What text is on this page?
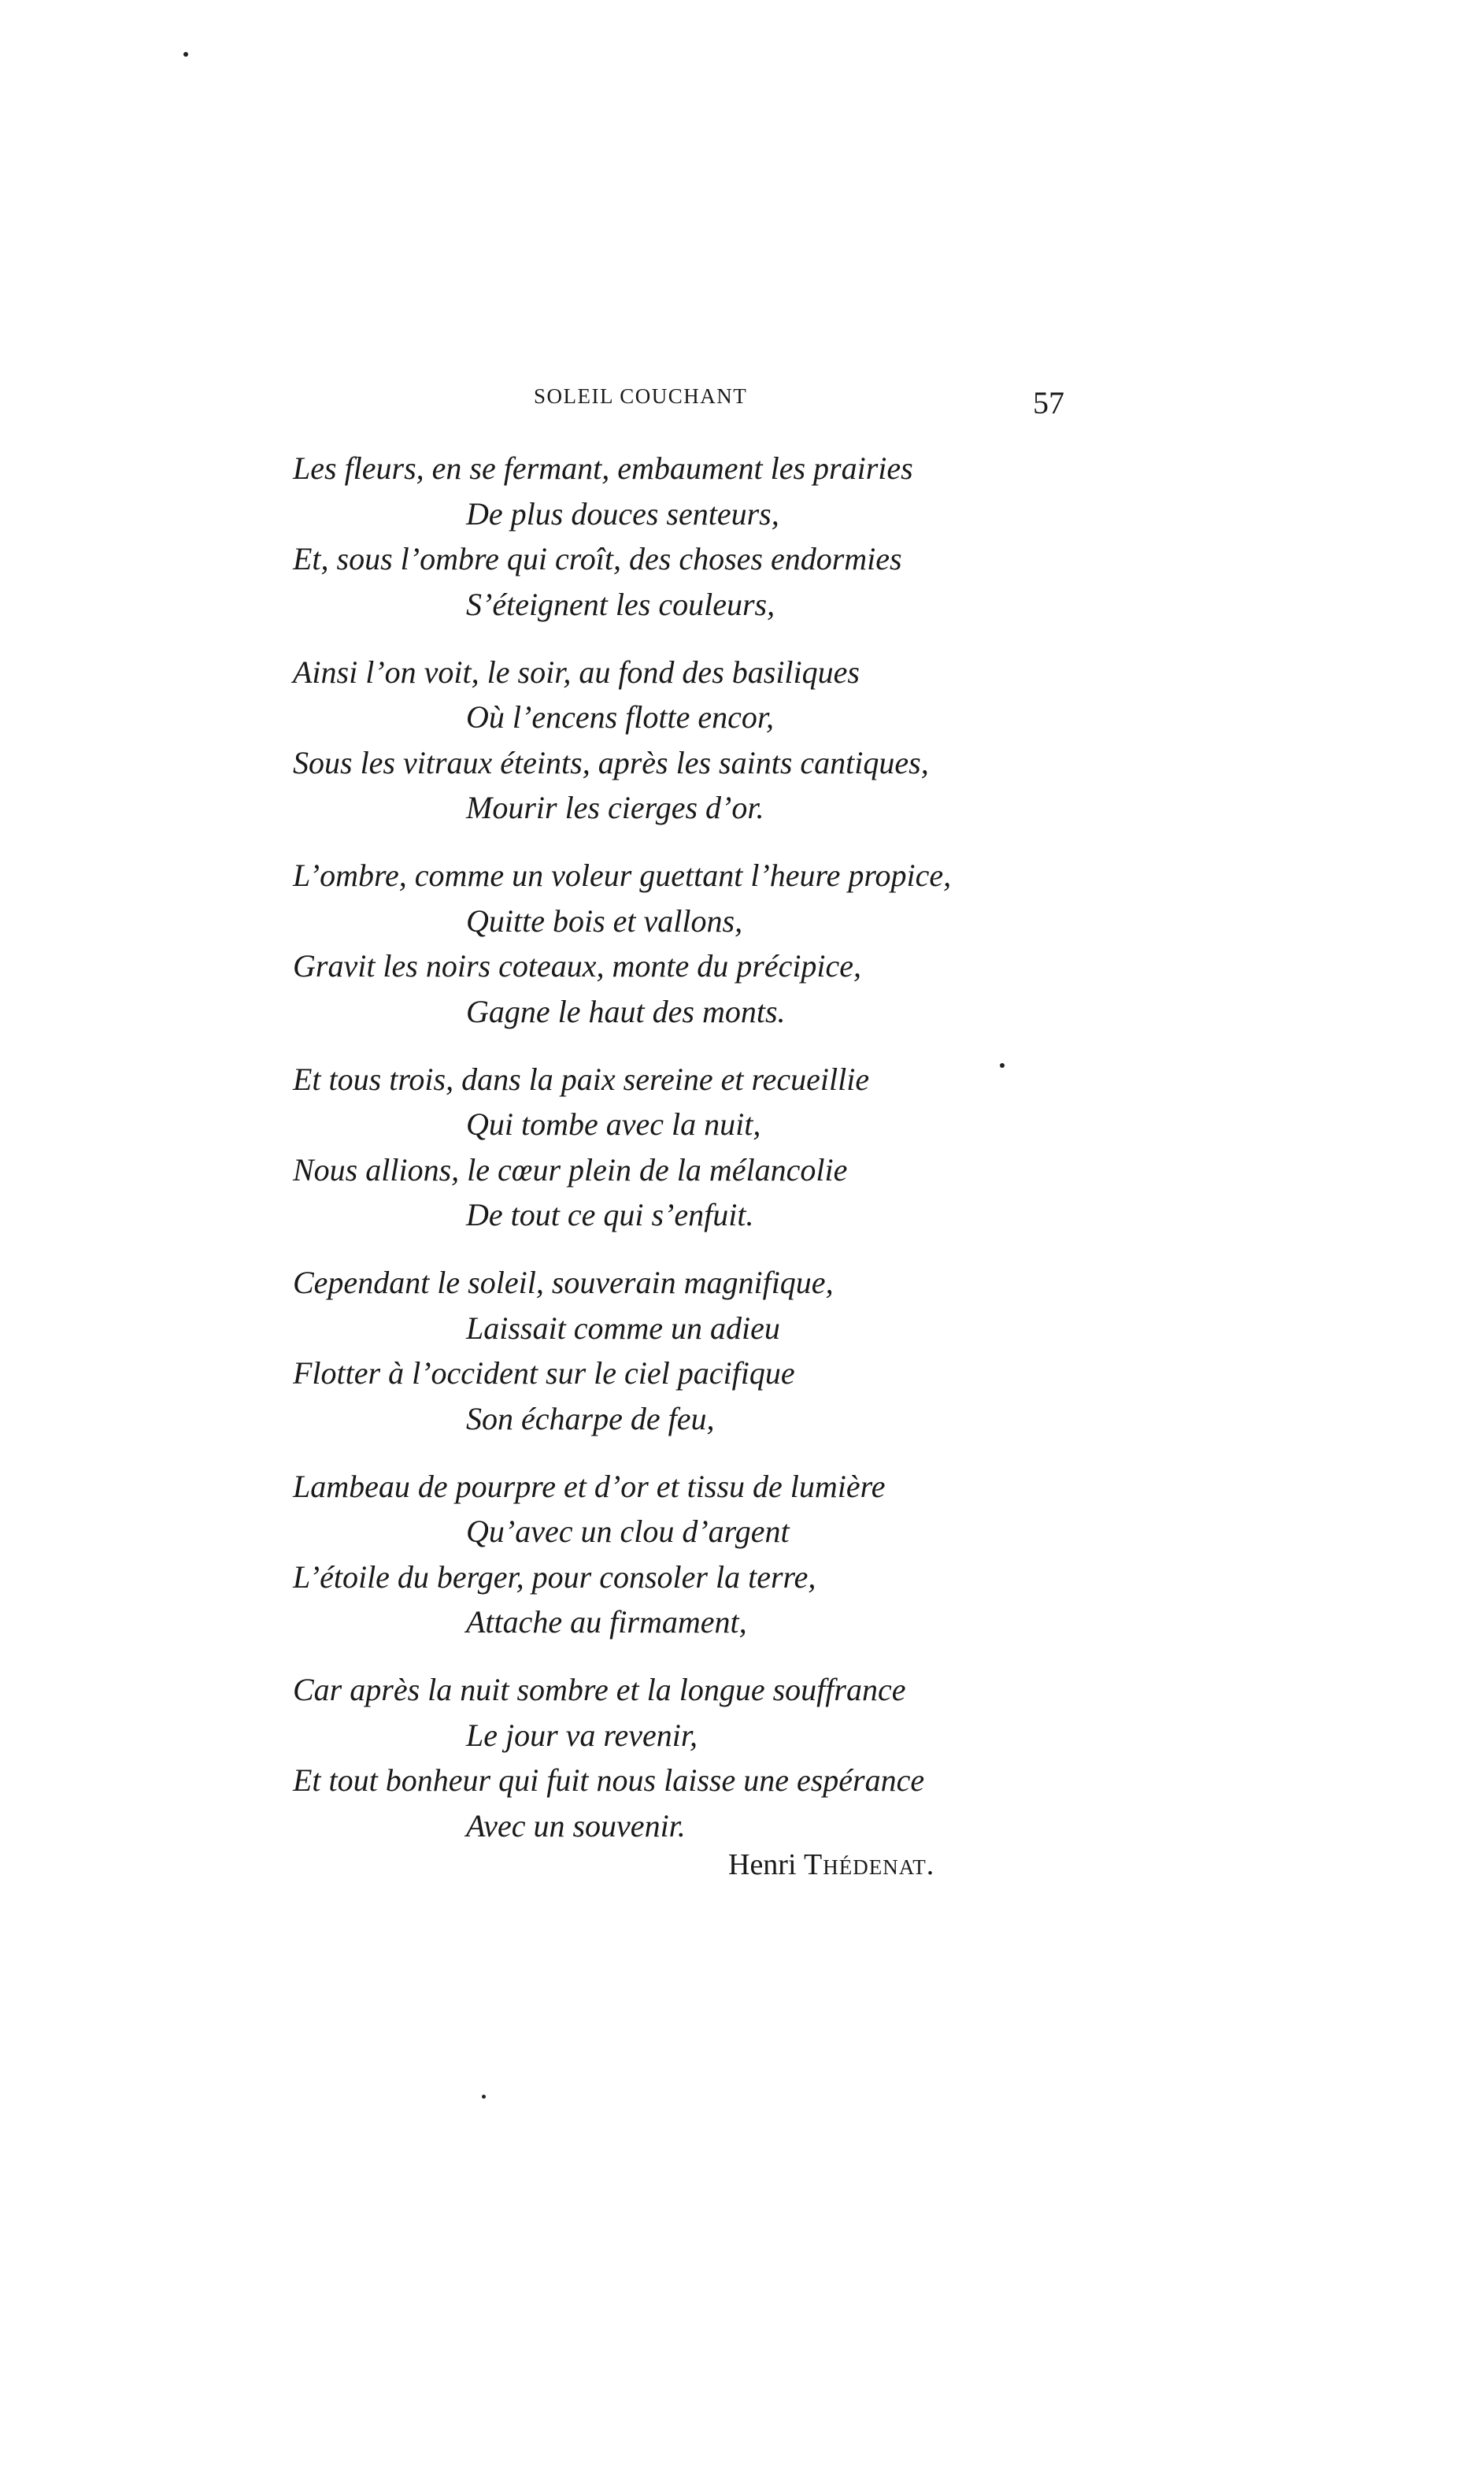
SOLEIL COUCHANT	57
Les fleurs, en se fermant, embaument les prairies
De plus douces senteurs,
Et, sous l’ombre qui croît, des choses endormies
S’éteignent les couleurs,
Ainsi l’on voit, le soir, au fond des basiliques
Où l’encens flotte encor,
Sous les vitraux éteints, après les saints cantiques,
Mourir les cierges d’or.
L’ombre, comme un voleur guettant l’heure propice,
Quitte bois et vallons,
Gravit les noirs coteaux, monte du précipice,
Gagne le haut des monts.
Et tous trois, dans la paix sereine et recueillie
Qui tombe avec la nuit,
Nous allions, le cœur plein de la mélancolie
De tout ce qui s’enfuit.
Cependant le soleil, souverain magnifique,
Laissait comme un adieu
Flotter à l’occident sur le ciel pacifique
Son écharpe de feu,
Lambeau de pourpre et d’or et tissu de lumière
Qu’avec un clou d’argent
L’étoile du berger, pour consoler la terre,
Attache au firmament,
Car après la nuit sombre et la longue souffrance
Le jour va revenir,
Et tout bonheur qui fuit nous laisse une espérance
Avec un souvenir.
Henri Thédenat.
